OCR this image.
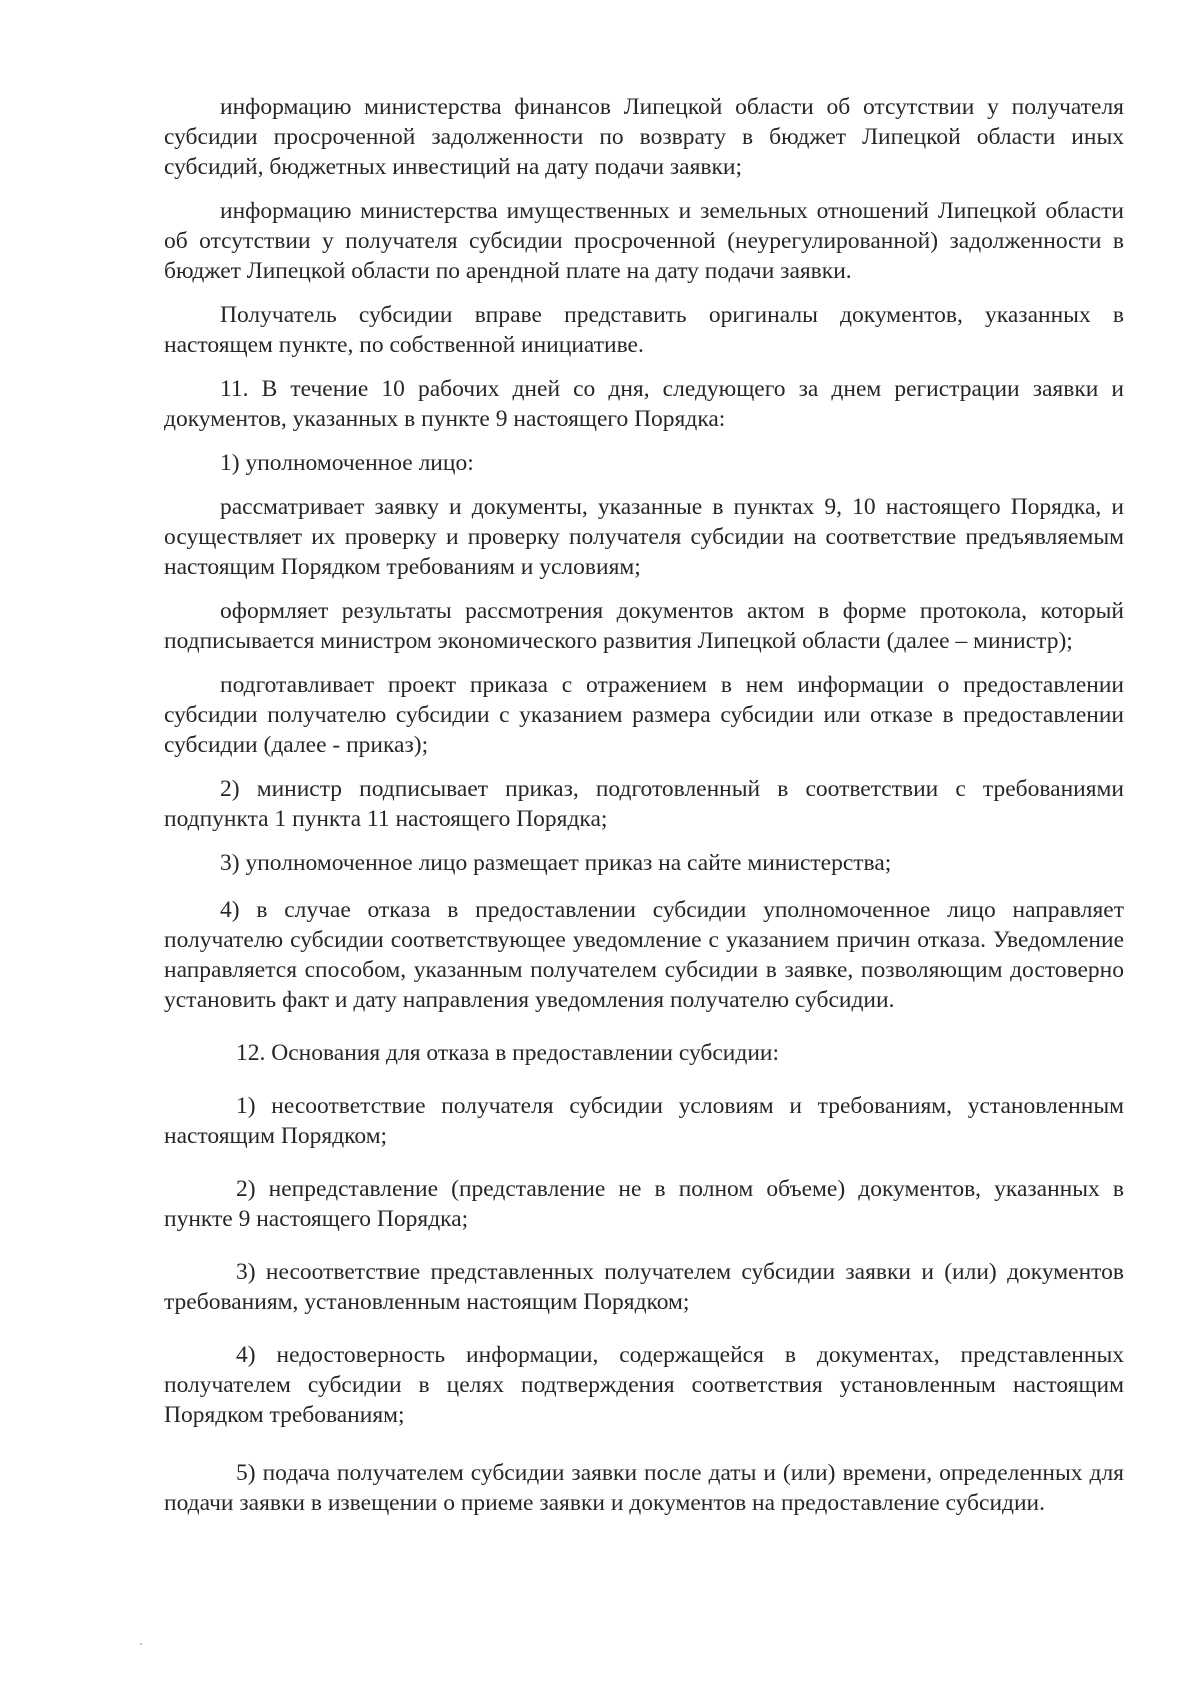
информацию министерства финансов Липецкой области об отсутствии у получателя субсидии просроченной задолженности по возврату в бюджет Липецкой области иных субсидий, бюджетных инвестиций на дату подачи заявки;

информацию министерства имущественных и земельных отношений Липецкой области об отсутствии у получателя субсидии просроченной (неурегулированной) задолженности в бюджет Липецкой области по арендной плате на дату подачи заявки.

Получатель субсидии вправе представить оригиналы документов, указанных в настоящем пункте, по собственной инициативе.

11. В течение 10 рабочих дней со дня, следующего за днем регистрации заявки и документов, указанных в пункте 9 настоящего Порядка:

1) уполномоченное лицо:

рассматривает заявку и документы, указанные в пунктах 9, 10 настоящего Порядка, и осуществляет их проверку и проверку получателя субсидии на соответствие предъявляемым настоящим Порядком требованиям и условиям;

оформляет результаты рассмотрения документов актом в форме протокола, который подписывается министром экономического развития Липецкой области (далее – министр);

подготавливает проект приказа с отражением в нем информации о предоставлении субсидии получателю субсидии с указанием размера субсидии или отказе в предоставлении субсидии (далее - приказ);

2) министр подписывает приказ, подготовленный в соответствии с требованиями подпункта 1 пункта 11 настоящего Порядка;

3) уполномоченное лицо размещает приказ на сайте министерства;

4) в случае отказа в предоставлении субсидии уполномоченное лицо направляет получателю субсидии соответствующее уведомление с указанием причин отказа. Уведомление направляется способом, указанным получателем субсидии в заявке, позволяющим достоверно установить факт и дату направления уведомления получателю субсидии.

12. Основания для отказа в предоставлении субсидии:

1) несоответствие получателя субсидии условиям и требованиям, установленным настоящим Порядком;

2) непредставление (представление не в полном объеме) документов, указанных в пункте 9 настоящего Порядка;

3) несоответствие представленных получателем субсидии заявки и (или) документов требованиям, установленным настоящим Порядком;

4) недостоверность информации, содержащейся в документах, представленных получателем субсидии в целях подтверждения соответствия установленным настоящим Порядком требованиям;

5) подача получателем субсидии заявки после даты и (или) времени, определенных для подачи заявки в извещении о приеме заявки и документов на предоставление субсидии.
